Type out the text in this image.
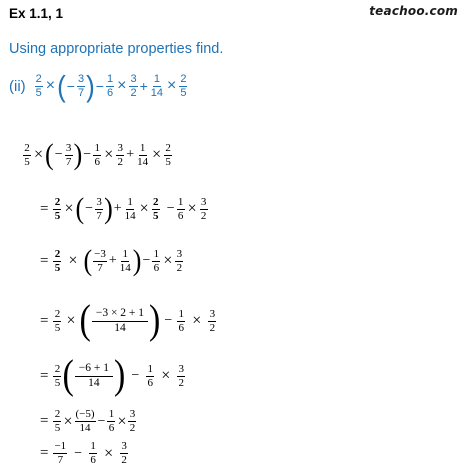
Ex 1.1, 1	teachoo.com
Using appropriate properties find.
$(ii) \frac{2}{5}$ × ( − $\frac{3}{7}$ ) − $\frac{1}{6} \times \frac{3}{2} + \frac{1}{14} \times \frac{2}{5}$
$\frac{2}{5}$ × ( − $\frac{3}{7}$ ) − $\frac{1}{6} \times \frac{3}{2} + \frac{1}{14} \times \frac{2}{5}$
= $\frac{2}{5}$ × ( − $\frac{3}{7}$ ) + $\frac{1}{14} \times \frac{2}{5} - \frac{1}{6} \times \frac{3}{2}$
= $\frac{2}{5}$ × ( $\frac{-3}{7} + \frac{1}{14}$ ) − $\frac{1}{6} \times \frac{3}{2}$
= $\frac{2}{5}$ × ( $\frac{-3 \times 2 + 1}{14}$ ) − $\frac{1}{6} \times \frac{3}{2}$
= $\frac{2}{5}$ ( $\frac{-6 + 1}{14}$ ) − $\frac{1}{6} \times \frac{3}{2}$
= $\frac{2}{5} \times \frac{(-5)}{14} - \frac{1}{6} \times \frac{3}{2}$
= $\frac{-1}{7} - \frac{1}{6} \times \frac{3}{2}$
